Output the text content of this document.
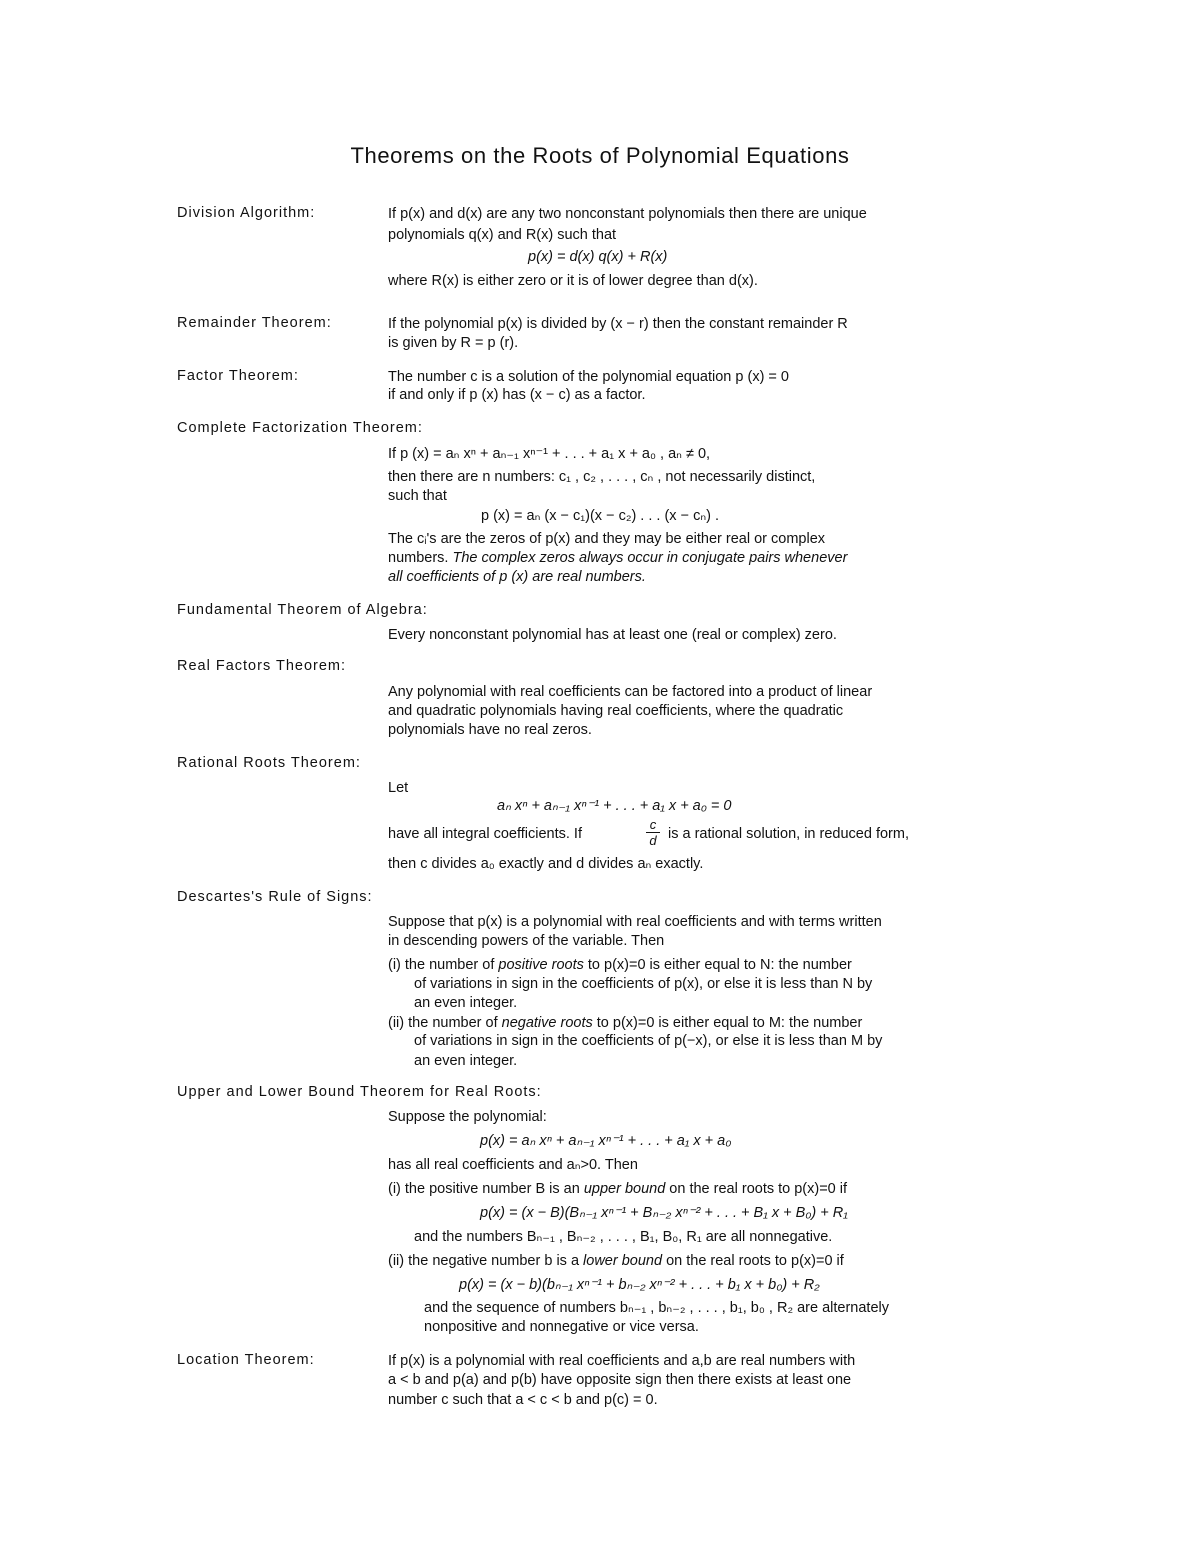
Theorems on the Roots of Polynomial Equations
Division Algorithm:	If p(x) and d(x) are any two nonconstant polynomials then there are unique
polynomials q(x) and R(x) such that
p(x) = d(x) q(x) + R(x)
where R(x) is either zero or it is of lower degree than d(x).
Remainder Theorem:	If the polynomial p(x) is divided by (x − r) then the constant remainder R
is given by R = p (r).
Factor Theorem:	The number c is a solution of the polynomial equation p (x) = 0
if and only if p (x) has (x − c) as a factor.
Complete Factorization Theorem:
If p (x) = aₙ xⁿ + aₙ₋₁ xⁿ⁻¹ + . . . + a₁ x + a₀ , aₙ ≠ 0,
then there are n numbers: c₁ , c₂ , . . . , cₙ , not necessarily distinct,
such that
p (x) = aₙ (x − c₁)(x − c₂) . . . (x − cₙ) .
The cᵢ's are the zeros of p(x) and they may be either real or complex
numbers. The complex zeros always occur in conjugate pairs whenever
all coefficients of p (x) are real numbers.
Fundamental Theorem of Algebra:
Every nonconstant polynomial has at least one (real or complex) zero.
Real Factors Theorem:
Any polynomial with real coefficients can be factored into a product of linear
and quadratic polynomials having real coefficients, where the quadratic
polynomials have no real zeros.
Rational Roots Theorem:
Let
aₙ xⁿ + aₙ₋₁ xⁿ⁻¹ + . . . + a₁ x + a₀ = 0
have all integral coefficients. If
c
d is a rational solution, in reduced form,
then c divides a₀ exactly and d divides aₙ exactly.
Descartes's Rule of Signs:
Suppose that p(x) is a polynomial with real coefficients and with terms written
in descending powers of the variable. Then
(i) the number of positive roots to p(x)=0 is either equal to N: the number
of variations in sign in the coefficients of p(x), or else it is less than N by
an even integer.
(ii) the number of negative roots to p(x)=0 is either equal to M: the number
of variations in sign in the coefficients of p(−x), or else it is less than M by
an even integer.
Upper and Lower Bound Theorem for Real Roots:
Suppose the polynomial:
p(x) = aₙ xⁿ + aₙ₋₁ xⁿ⁻¹ + . . . + a₁ x + a₀
has all real coefficients and aₙ>0. Then
(i) the positive number B is an upper bound on the real roots to p(x)=0 if
p(x) = (x − B)(Bₙ₋₁ xⁿ⁻¹ + Bₙ₋₂ xⁿ⁻² + . . . + B₁ x + B₀) + R₁
and the numbers Bₙ₋₁ , Bₙ₋₂ , . . . , B₁, B₀, R₁ are all nonnegative.
(ii) the negative number b is a lower bound on the real roots to p(x)=0 if
p(x) = (x − b)(bₙ₋₁ xⁿ⁻¹ + bₙ₋₂ xⁿ⁻² + . . . + b₁ x + b₀) + R₂
and the sequence of numbers bₙ₋₁ , bₙ₋₂ , . . . , b₁, b₀ , R₂ are alternately
nonpositive and nonnegative or vice versa.
Location Theorem:	If p(x) is a polynomial with real coefficients and a,b are real numbers with
a < b and p(a) and p(b) have opposite sign then there exists at least one
number c such that a < c < b and p(c) = 0.
